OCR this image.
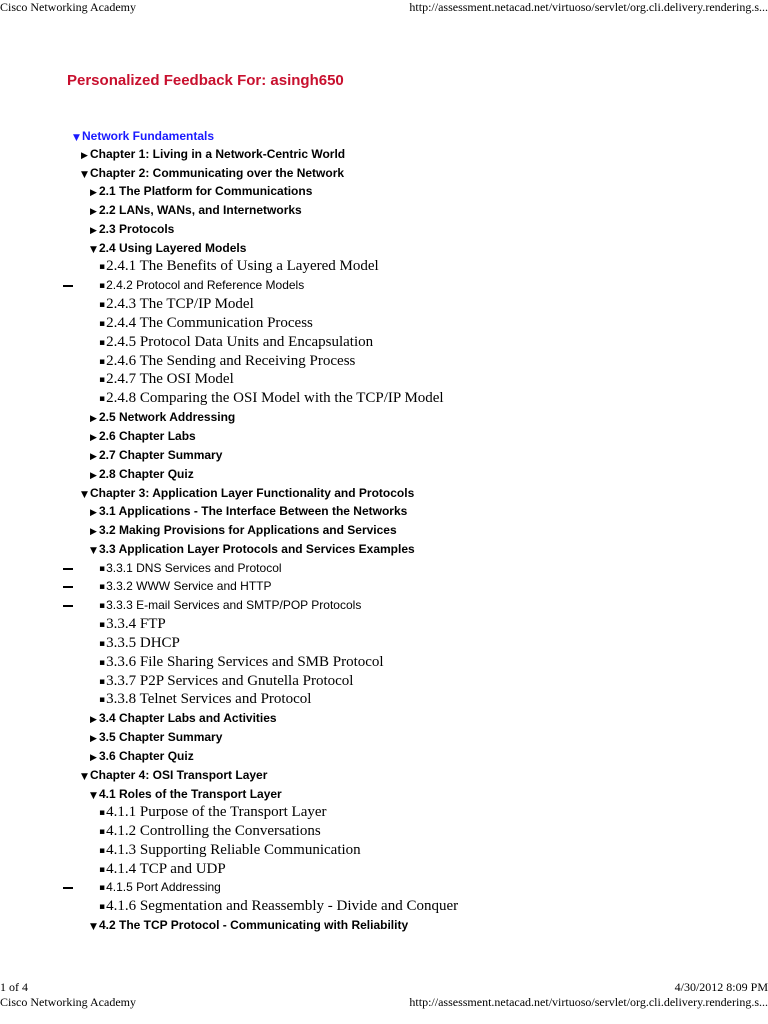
Cisco Networking Academy	http://assessment.netacad.net/virtuoso/servlet/org.cli.delivery.rendering.s...
Personalized Feedback For: asingh650
▼ Network Fundamentals
▶ Chapter 1: Living in a Network-Centric World
▼ Chapter 2: Communicating over the Network
▶ 2.1 The Platform for Communications
▶ 2.2 LANs, WANs, and Internetworks
▶ 2.3 Protocols
▼ 2.4 Using Layered Models
▪2.4.1 The Benefits of Using a Layered Model
▪2.4.2 Protocol and Reference Models
▪2.4.3 The TCP/IP Model
▪2.4.4 The Communication Process
▪2.4.5 Protocol Data Units and Encapsulation
▪2.4.6 The Sending and Receiving Process
▪2.4.7 The OSI Model
▪2.4.8 Comparing the OSI Model with the TCP/IP Model
▶ 2.5 Network Addressing
▶ 2.6 Chapter Labs
▶ 2.7 Chapter Summary
▶ 2.8 Chapter Quiz
▼ Chapter 3: Application Layer Functionality and Protocols
▶ 3.1 Applications - The Interface Between the Networks
▶ 3.2 Making Provisions for Applications and Services
▼ 3.3 Application Layer Protocols and Services Examples
▪3.3.1 DNS Services and Protocol
▪3.3.2 WWW Service and HTTP
▪3.3.3 E-mail Services and SMTP/POP Protocols
▪3.3.4 FTP
▪3.3.5 DHCP
▪3.3.6 File Sharing Services and SMB Protocol
▪3.3.7 P2P Services and Gnutella Protocol
▪3.3.8 Telnet Services and Protocol
▶ 3.4 Chapter Labs and Activities
▶ 3.5 Chapter Summary
▶ 3.6 Chapter Quiz
▼ Chapter 4: OSI Transport Layer
▼ 4.1 Roles of the Transport Layer
▪4.1.1 Purpose of the Transport Layer
▪4.1.2 Controlling the Conversations
▪4.1.3 Supporting Reliable Communication
▪4.1.4 TCP and UDP
▪4.1.5 Port Addressing
▪4.1.6 Segmentation and Reassembly - Divide and Conquer
▼ 4.2 The TCP Protocol - Communicating with Reliability
1 of 4	4/30/2012 8:09 PM
Cisco Networking Academy	http://assessment.netacad.net/virtuoso/servlet/org.cli.delivery.rendering.s...
